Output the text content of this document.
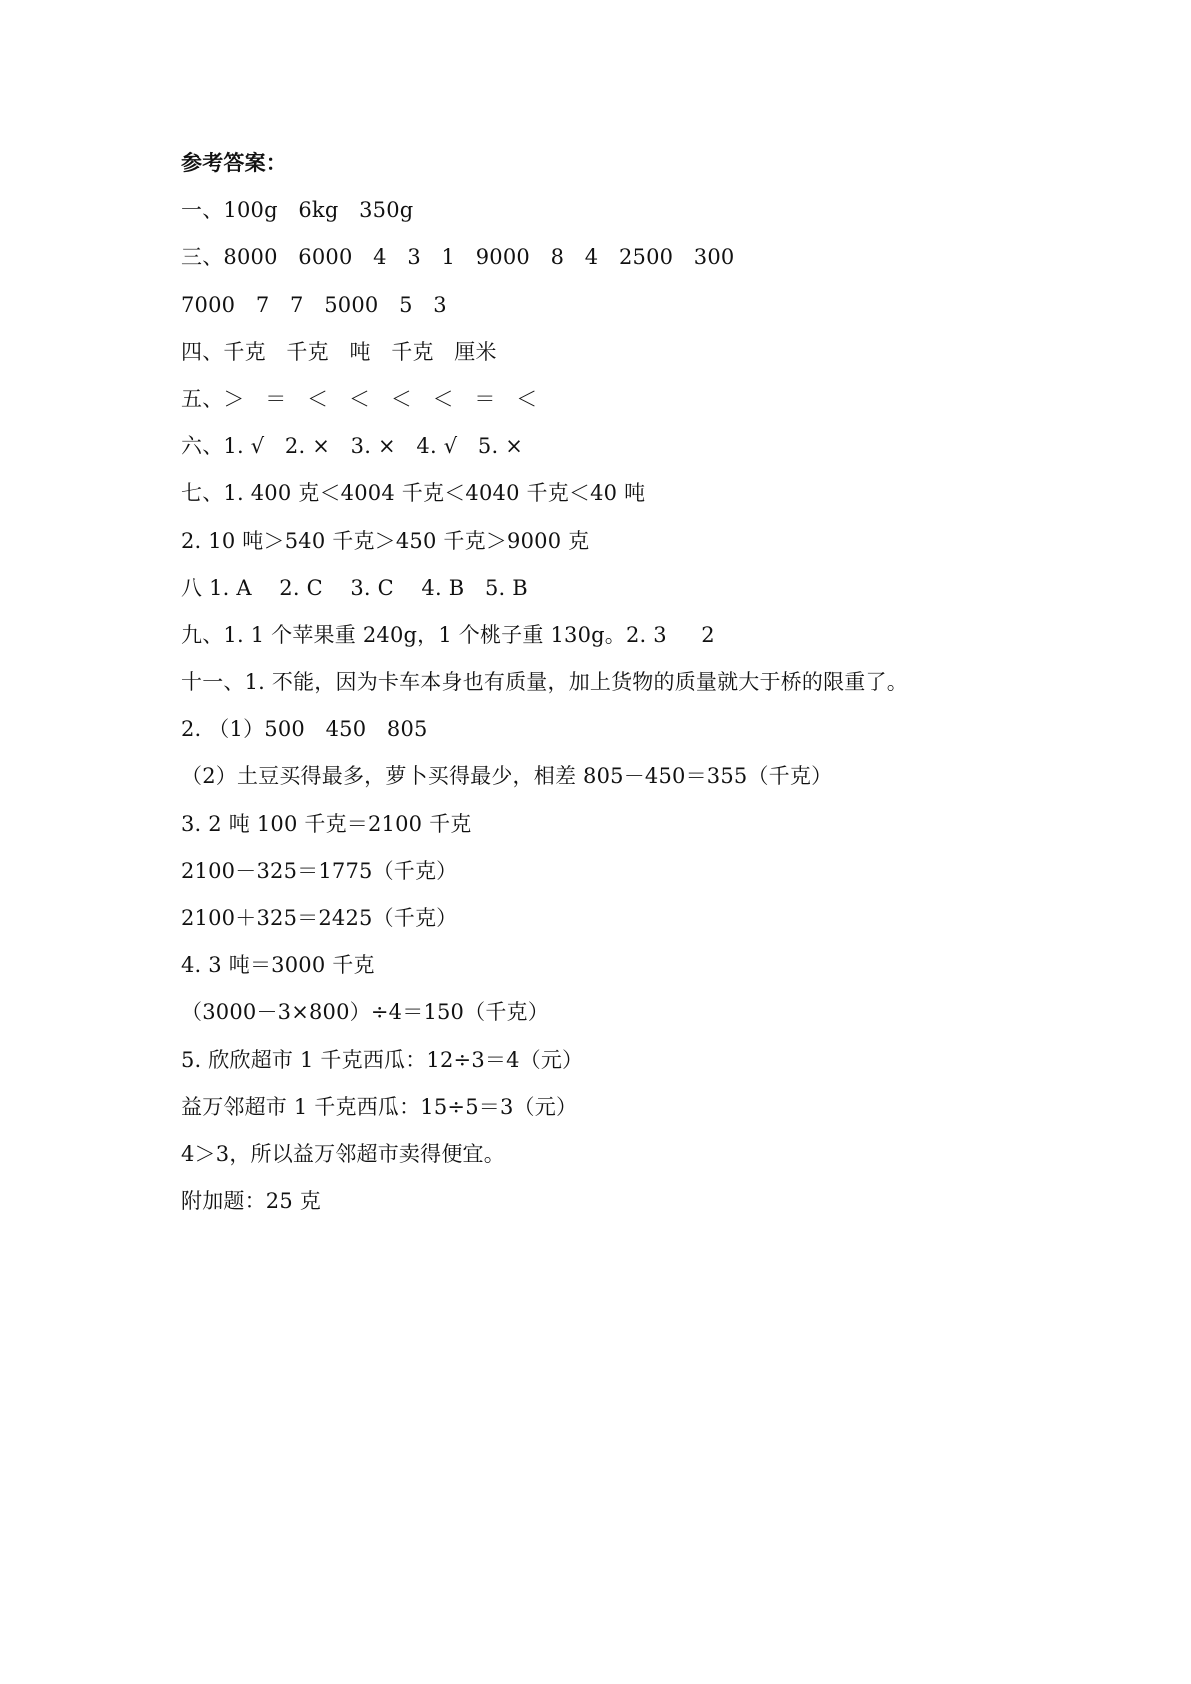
参考答案：
一、100g   6kg   350g
三、8000   6000   4   3   1   9000   8   4   2500   300
7000   7   7   5000   5   3
四、千克   千克   吨   千克   厘米
五、＞   ＝   ＜   ＜   ＜   ＜   ＝   ＜
六、1. √   2. ×   3. ×   4. √   5. ×
七、1. 400 克＜4004 千克＜4040 千克＜40 吨
2. 10 吨＞540 千克＞450 千克＞9000 克
八 1. A    2. C    3. C    4. B   5. B
九、1. 1 个苹果重 240g，1 个桃子重 130g。2. 3     2
十一、1. 不能，因为卡车本身也有质量，加上货物的质量就大于桥的限重了。
2. （1）500   450   805
（2）土豆买得最多，萝卜买得最少，相差 805－450＝355（千克）
3. 2 吨 100 千克＝2100 千克
2100－325＝1775（千克）
2100＋325＝2425（千克）
4. 3 吨＝3000 千克
（3000－3×800）÷4＝150（千克）
5. 欣欣超市 1 千克西瓜：12÷3＝4（元）
益万邻超市 1 千克西瓜：15÷5＝3（元）
4＞3，所以益万邻超市卖得便宜。
附加题：25 克
